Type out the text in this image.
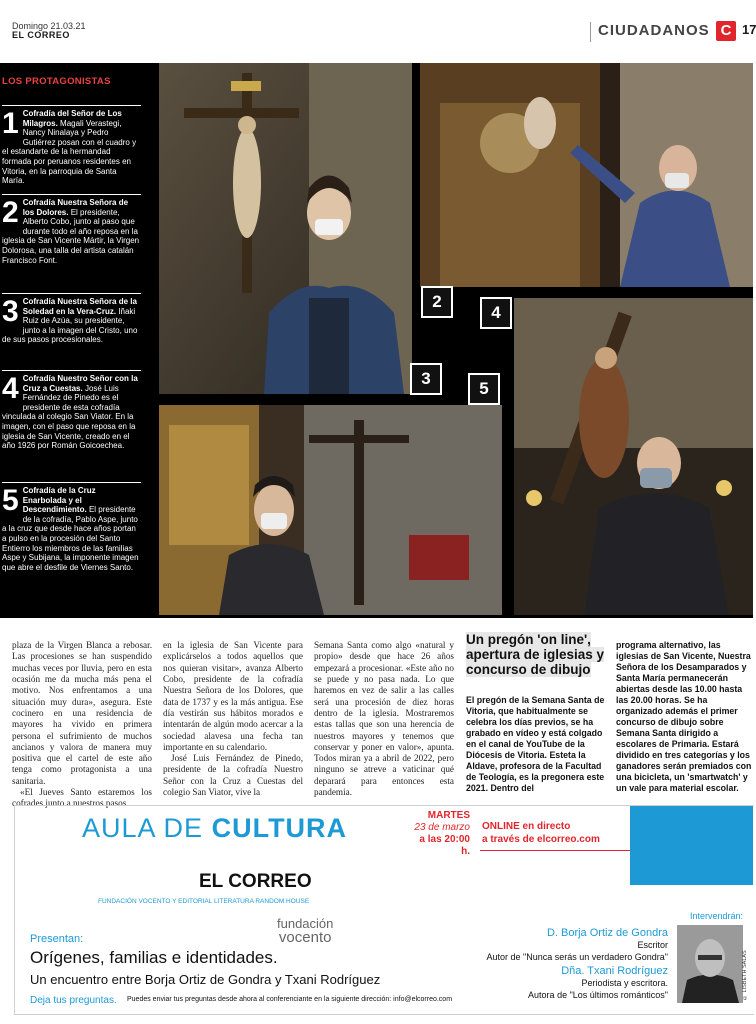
Domingo 21.03.21
EL CORREO	CIUDADANOS C 17
LOS PROTAGONISTAS
1 Cofradía del Señor de Los Milagros. Magali Verastegi, Nancy Ninalaya y Pedro Gutiérrez posan con el cuadro y el estandarte de la hermandad formada por peruanos residentes en Vitoria, en la parroquia de Santa María.
2 Cofradía Nuestra Señora de los Dolores. El presidente, Alberto Cobo, junto al paso que durante todo el año reposa en la iglesia de San Vicente Mártir, la Virgen Dolorosa, una talla del artista catalán Francisco Font.
3 Cofradía Nuestra Señora de la Soledad en la Vera-Cruz. Iñaki Ruiz de Azúa, su presidente, junto a la imagen del Cristo, uno de sus pasos procesionales.
4 Cofradía Nuestro Señor con la Cruz a Cuestas. José Luis Fernández de Pinedo es el presidente de esta cofradía vinculada al colegio San Viator. En la imagen, con el paso que reposa en la iglesia de San Vicente, creado en el año 1926 por Román Goicoechea.
5 Cofradía de la Cruz Enarbolada y el Descendimiento. El presidente de la cofradía, Pablo Aspe, junto a la cruz que desde hace años portan a pulso en la procesión del Santo Entierro los miembros de las familias Aspe y Subijana, la imponente imagen que abre el desfile de Viernes Santo.
2
4
3
5

plaza de la Virgen Blanca a rebosar. Las procesiones se han suspendido muchas veces por lluvia, pero en esta ocasión me da mucha más pena el motivo. Nos enfrentamos a una situación muy dura», asegura. Este cocinero en una residencia de mayores ha vivido en primera persona el sufrimiento de muchos ancianos y valora de manera muy positiva que el cartel de este año tenga como protagonista a una sanitaria.

«El Jueves Santo estaremos los cofrades junto a nuestros pasos

en la iglesia de San Vicente para explicárselos a todos aquellos que nos quieran visitar», avanza Alberto Cobo, presidente de la cofradía Nuestra Señora de los Dolores, que data de 1737 y es la más antigua. Ese día vestirán sus hábitos morados e intentarán de algún modo acercar a la sociedad alavesa una fecha tan importante en su calendario.

José Luis Fernández de Pinedo, presidente de la cofradía Nuestro Señor con la Cruz a Cuestas del colegio San Viator, vive la

Semana Santa como algo «natural y propio» desde que hace 26 años empezará a procesionar. «Este año no se puede y no pasa nada. Lo que haremos en vez de salir a las calles será una procesión de diez horas dentro de la iglesia. Mostraremos estas tallas que son una herencia de nuestros mayores y tenemos que conservar y poner en valor», apunta. Todos miran ya a abril de 2022, pero ninguno se atreve a vaticinar qué deparará para entonces esta pandemia.

Un pregón 'on line', apertura de iglesias y concurso de dibujo
El pregón de la Semana Santa de Vitoria, que habitualmente se celebra los días previos, se ha grabado en vídeo y está colgado en el canal de YouTube de la Diócesis de Vitoria. Esteta la Aldave, profesora de la Facultad de Teología, es la pregonera este 2021. Dentro del
programa alternativo, las iglesias de San Vicente, Nuestra Señora de los Desamparados y Santa María permanecerán abiertas desde las 10.00 hasta las 20.00 horas. Se ha organizado además el primer concurso de dibujo sobre Semana Santa dirigido a escolares de Primaria. Estará dividido en tres categorías y los ganadores serán premiados con una bicicleta, un 'smartwatch' y un vale para material escolar.
AULA DE CULTURA
EL CORREO
FUNDACIÓN VOCENTO Y EDITORIAL LITERATURA RANDOM HOUSE
MARTES
23 de marzo
a las 20:00 h.
ONLINE en directo
a través de elcorreo.com
fundación
vocento
Presentan:
Orígenes, familias e identidades.
Un encuentro entre Borja Ortiz de Gondra y Txani Rodríguez
Deja tus preguntas. Puedes enviar tus preguntas desde ahora al conferenciante en la siguiente dirección: info@elcorreo.com
Intervendrán:
D. Borja Ortiz de Gondra
Escritor
Autor de "Nunca serás un verdadero Gondra"
Dña. Txani Rodríguez
Periodista y escritora.
Autora de "Los últimos románticos"	© LISBETH SALAS
